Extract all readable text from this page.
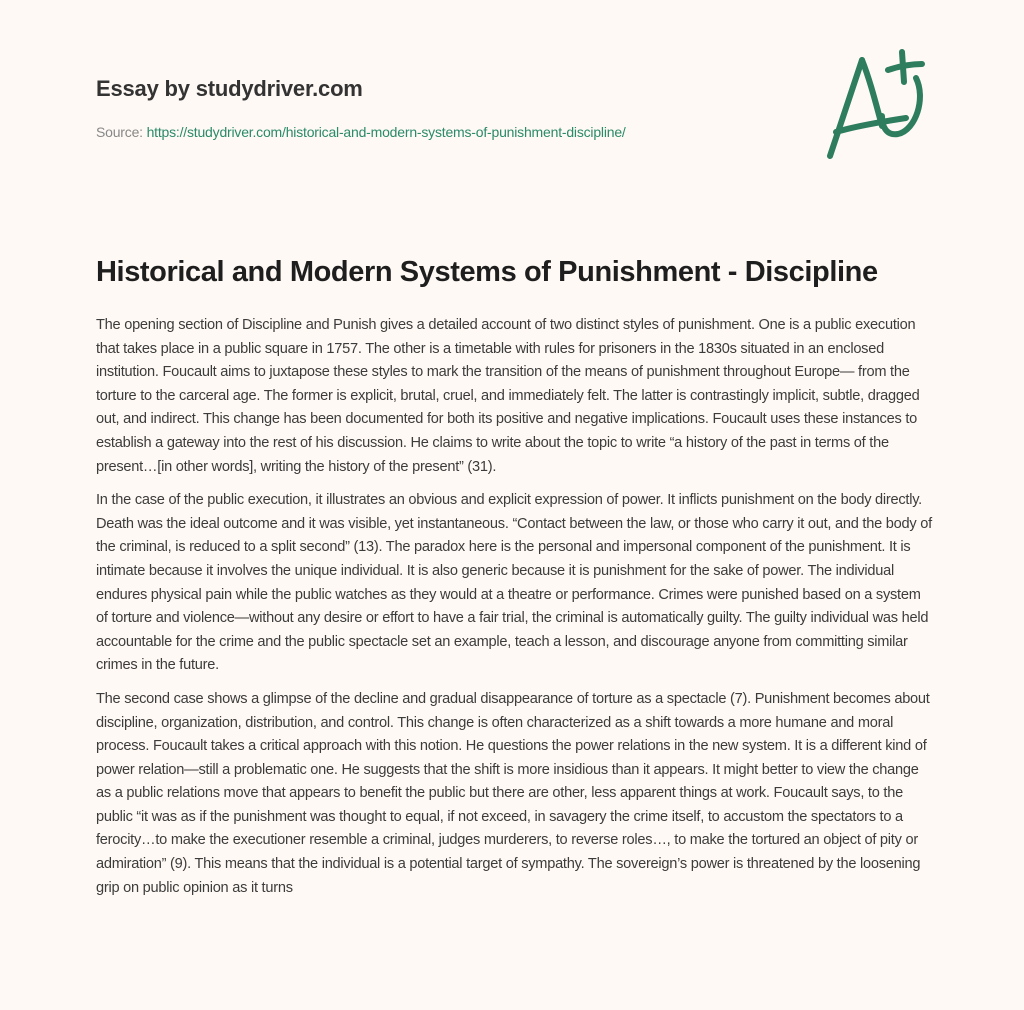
Essay by studydriver.com
Source: https://studydriver.com/historical-and-modern-systems-of-punishment-discipline/
Historical and Modern Systems of Punishment - Discipline

The opening section of Discipline and Punish gives a detailed account of two distinct styles of punishment. One is a public execution that takes place in a public square in 1757. The other is a timetable with rules for prisoners in the 1830s situated in an enclosed institution. Foucault aims to juxtapose these styles to mark the transition of the means of punishment throughout Europe— from the torture to the carceral age. The former is explicit, brutal, cruel, and immediately felt. The latter is contrastingly implicit, subtle, dragged out, and indirect. This change has been documented for both its positive and negative implications. Foucault uses these instances to establish a gateway into the rest of his discussion. He claims to write about the topic to write “a history of the past in terms of the present…[in other words], writing the history of the present” (31).

In the case of the public execution, it illustrates an obvious and explicit expression of power. It inflicts punishment on the body directly. Death was the ideal outcome and it was visible, yet instantaneous. “Contact between the law, or those who carry it out, and the body of the criminal, is reduced to a split second” (13). The paradox here is the personal and impersonal component of the punishment. It is intimate because it involves the unique individual. It is also generic because it is punishment for the sake of power. The individual endures physical pain while the public watches as they would at a theatre or performance. Crimes were punished based on a system of torture and violence—without any desire or effort to have a fair trial, the criminal is automatically guilty. The guilty individual was held accountable for the crime and the public spectacle set an example, teach a lesson, and discourage anyone from committing similar crimes in the future.

The second case shows a glimpse of the decline and gradual disappearance of torture as a spectacle (7). Punishment becomes about discipline, organization, distribution, and control. This change is often characterized as a shift towards a more humane and moral process. Foucault takes a critical approach with this notion. He questions the power relations in the new system. It is a different kind of power relation—still a problematic one. He suggests that the shift is more insidious than it appears. It might better to view the change as a public relations move that appears to benefit the public but there are other, less apparent things at work. Foucault says, to the public “it was as if the punishment was thought to equal, if not exceed, in savagery the crime itself, to accustom the spectators to a ferocity…to make the executioner resemble a criminal, judges murderers, to reverse roles…, to make the tortured an object of pity or admiration” (9). This means that the individual is a potential target of sympathy. The sovereign’s power is threatened by the loosening grip on public opinion as it turns
